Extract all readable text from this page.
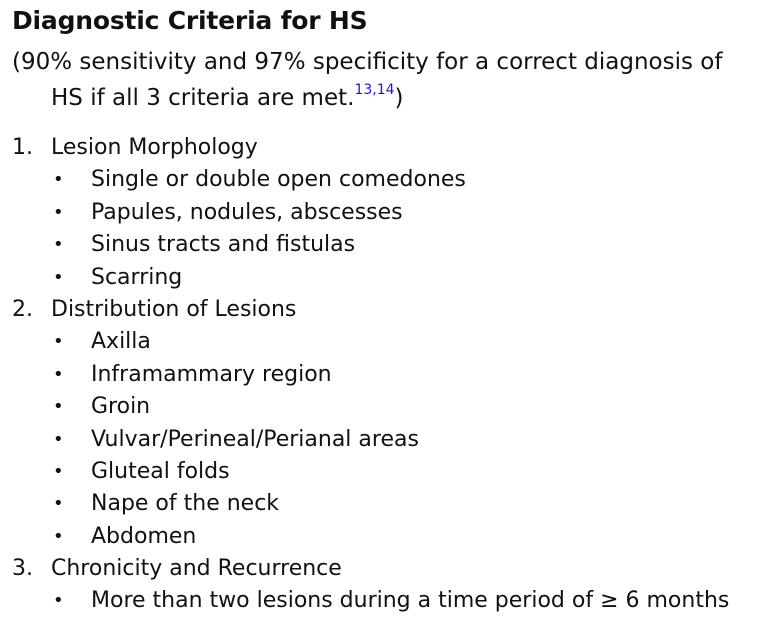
Diagnostic Criteria for HS
(90% sensitivity and 97% specificity for a correct diagnosis of
HS if all 3 criteria are met.$^{13,14}$)
1. Lesion Morphology
• Single or double open comedones
• Papules, nodules, abscesses
• Sinus tracts and fistulas
• Scarring
2. Distribution of Lesions
• Axilla
• Inframammary region
• Groin
• Vulvar/Perineal/Perianal areas
• Gluteal folds
• Nape of the neck
• Abdomen
3. Chronicity and Recurrence
• More than two lesions during a time period of ≥ 6 months
